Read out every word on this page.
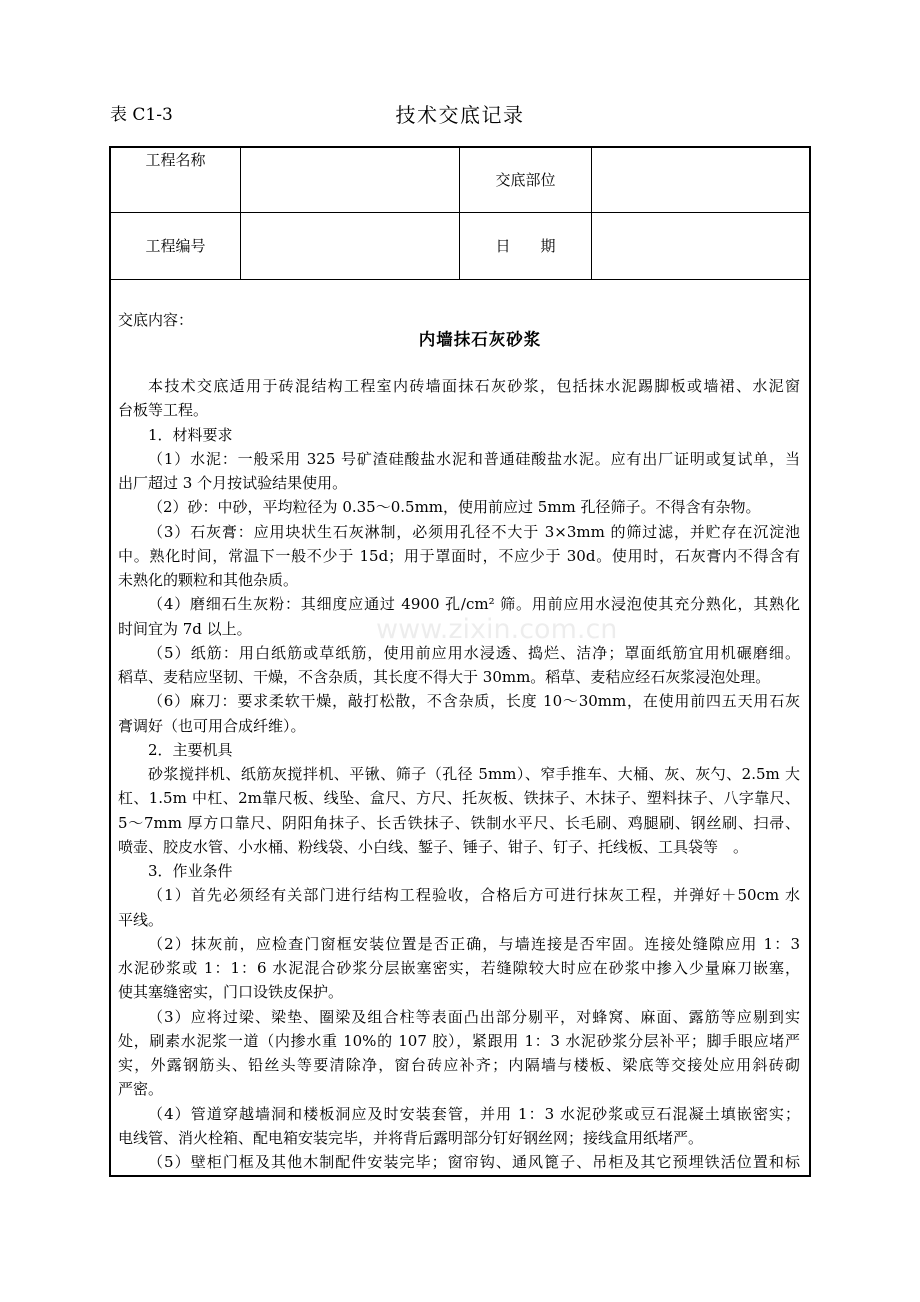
表 C1-3	技术交底记录
工程名称
交底部位
工程编号	日　　期
www.zixin.com.cn
交底内容：
内墙抹石灰砂浆
本技术交底适用于砖混结构工程室内砖墙面抹石灰砂浆，包括抹水泥踢脚板或墙裙、水泥窗
台板等工程。
1．材料要求
（1）水泥：一般采用 325 号矿渣硅酸盐水泥和普通硅酸盐水泥。应有出厂证明或复试单，当
出厂超过 3 个月按试验结果使用。
（2）砂：中砂，平均粒径为 0.35～0.5mm，使用前应过 5mm 孔径筛子。不得含有杂物。
（3）石灰膏：应用块状生石灰淋制，必须用孔径不大于 3×3mm 的筛过滤，并贮存在沉淀池
中。熟化时间，常温下一般不少于 15d；用于罩面时，不应少于 30d。使用时，石灰膏内不得含有
未熟化的颗粒和其他杂质。
（4）磨细石生灰粉：其细度应通过 4900 孔/cm² 筛。用前应用水浸泡使其充分熟化，其熟化
时间宜为 7d 以上。
（5）纸筋：用白纸筋或草纸筋，使用前应用水浸透、捣烂、洁净；罩面纸筋宜用机碾磨细。
稻草、麦秸应坚韧、干燥，不含杂质，其长度不得大于 30mm。稻草、麦秸应经石灰浆浸泡处理。
（6）麻刀：要求柔软干燥，敲打松散，不含杂质，长度 10～30mm，在使用前四五天用石灰
膏调好（也可用合成纤维）。
2．主要机具
砂浆搅拌机、纸筋灰搅拌机、平锹、筛子（孔径 5mm）、窄手推车、大桶、灰、灰勺、2.5m 大
杠、1.5m 中杠、2m靠尺板、线坠、盒尺、方尺、托灰板、铁抹子、木抹子、塑料抹子、八字靠尺、
5～7mm 厚方口靠尺、阴阳角抹子、长舌铁抹子、铁制水平尺、长毛刷、鸡腿刷、钢丝刷、扫帚、
喷壶、胶皮水管、小水桶、粉线袋、小白线、錾子、锤子、钳子、钉子、托线板、工具袋等　。
3．作业条件
（1）首先必须经有关部门进行结构工程验收，合格后方可进行抹灰工程，并弹好＋50cm 水
平线。
（2）抹灰前，应检查门窗框安装位置是否正确，与墙连接是否牢固。连接处缝隙应用 1：3
水泥砂浆或 1：1：6 水泥混合砂浆分层嵌塞密实，若缝隙较大时应在砂浆中掺入少量麻刀嵌塞，
使其塞缝密实，门口设铁皮保护。
（3）应将过梁、梁垫、圈梁及组合柱等表面凸出部分剔平，对蜂窝、麻面、露筋等应剔到实
处，刷素水泥浆一道（内掺水重 10%的 107 胶），紧跟用 1：3 水泥砂浆分层补平；脚手眼应堵严
实，外露钢筋头、铅丝头等要清除净，窗台砖应补齐；内隔墙与楼板、梁底等交接处应用斜砖砌
严密。
（4）管道穿越墙洞和楼板洞应及时安装套管，并用 1：3 水泥砂浆或豆石混凝土填嵌密实；
电线管、消火栓箱、配电箱安装完毕，并将背后露明部分钉好钢丝网；接线盒用纸堵严。
（5）壁柜门框及其他木制配件安装完毕；窗帘钩、通风篦子、吊柜及其它预埋铁活位置和标
